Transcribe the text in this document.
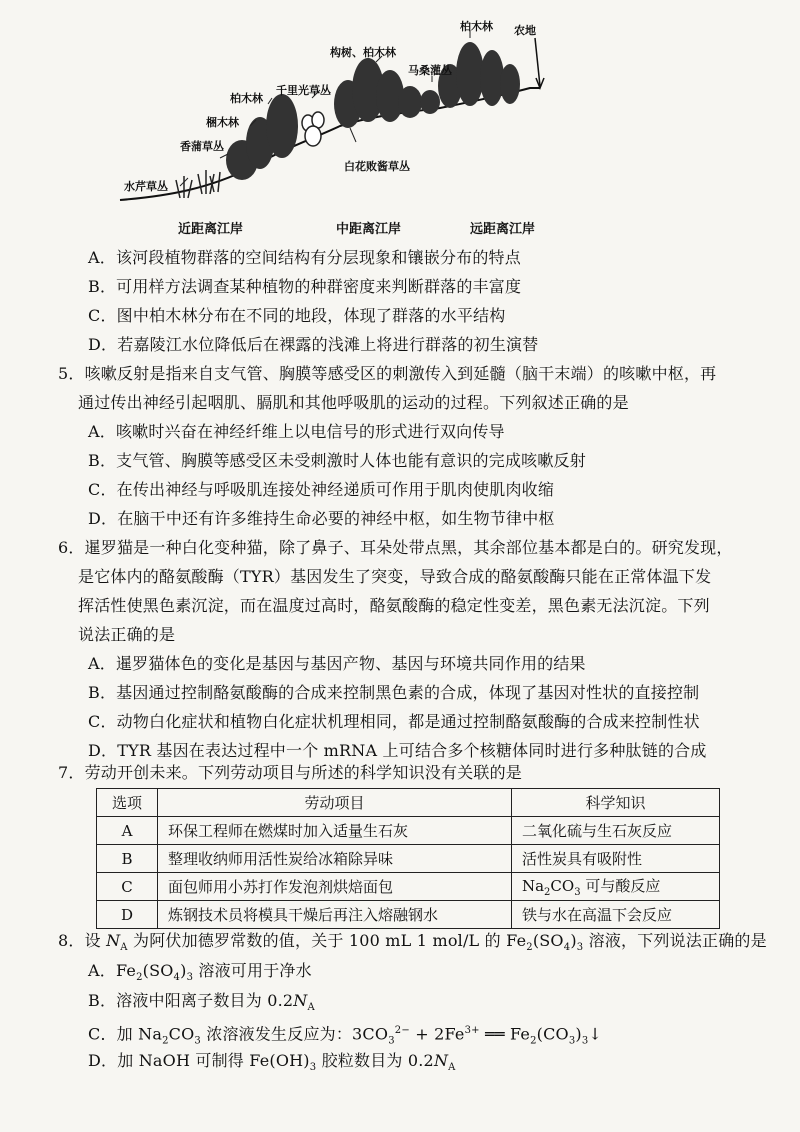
水芹草丛
香蒲草丛
梱木林
柏木林
千里光草丛
构树、柏木林
马桑灌丛
柏木林 农地
白花败酱草丛
近距离江岸	中距离江岸	远距离江岸
A．该河段植物群落的空间结构有分层现象和镶嵌分布的特点
B．可用样方法调查某种植物的种群密度来判断群落的丰富度
C．图中柏木林分布在不同的地段，体现了群落的水平结构
D．若嘉陵江水位降低后在裸露的浅滩上将进行群落的初生演替
5．咳嗽反射是指来自支气管、胸膜等感受区的刺激传入到延髓（脑干末端）的咳嗽中枢，再
通过传出神经引起咽肌、膈肌和其他呼吸肌的运动的过程。下列叙述正确的是
A．咳嗽时兴奋在神经纤维上以电信号的形式进行双向传导
B．支气管、胸膜等感受区未受刺激时人体也能有意识的完成咳嗽反射
C．在传出神经与呼吸肌连接处神经递质可作用于肌肉使肌肉收缩
D．在脑干中还有许多维持生命必要的神经中枢，如生物节律中枢
6．暹罗猫是一种白化变种猫，除了鼻子、耳朵处带点黑，其余部位基本都是白的。研究发现，
是它体内的酪氨酸酶（TYR）基因发生了突变，导致合成的酪氨酸酶只能在正常体温下发
挥活性使黑色素沉淀，而在温度过高时，酪氨酸酶的稳定性变差，黑色素无法沉淀。下列
说法正确的是
A．暹罗猫体色的变化是基因与基因产物、基因与环境共同作用的结果
B．基因通过控制酪氨酸酶的合成来控制黑色素的合成，体现了基因对性状的直接控制
C．动物白化症状和植物白化症状机理相同，都是通过控制酪氨酸酶的合成来控制性状
D．TYR 基因在表达过程中一个 mRNA 上可结合多个核糖体同时进行多种肽链的合成
7．劳动开创未来。下列劳动项目与所述的科学知识没有关联的是
选项	劳动项目	科学知识
A	环保工程师在燃煤时加入适量生石灰	二氧化硫与生石灰反应
B	整理收纳师用活性炭给冰箱除异味	活性炭具有吸附性
C	面包师用小苏打作发泡剂烘焙面包	$Na_2CO_3$ 可与酸反应
D	炼钢技术员将模具干燥后再注入熔融钢水	铁与水在高温下会反应
8．设 $N_A$ 为阿伏加德罗常数的值，关于 100 mL 1 mol/L 的 $Fe_2(SO_4)_3$ 溶液，下列说法正确的是
A．$Fe_2(SO_4)_3$ 溶液可用于净水
B．溶液中阳离子数目为 $0.2N_A$
C．加 $Na_2CO_3$ 浓溶液发生反应为：$3CO_3^{2-} + 2Fe^{3+}$ ══ $Fe_2(CO_3)_3↓$
D．加 NaOH 可制得 $Fe(OH)_3$ 胶粒数目为 $0.2N_A$
